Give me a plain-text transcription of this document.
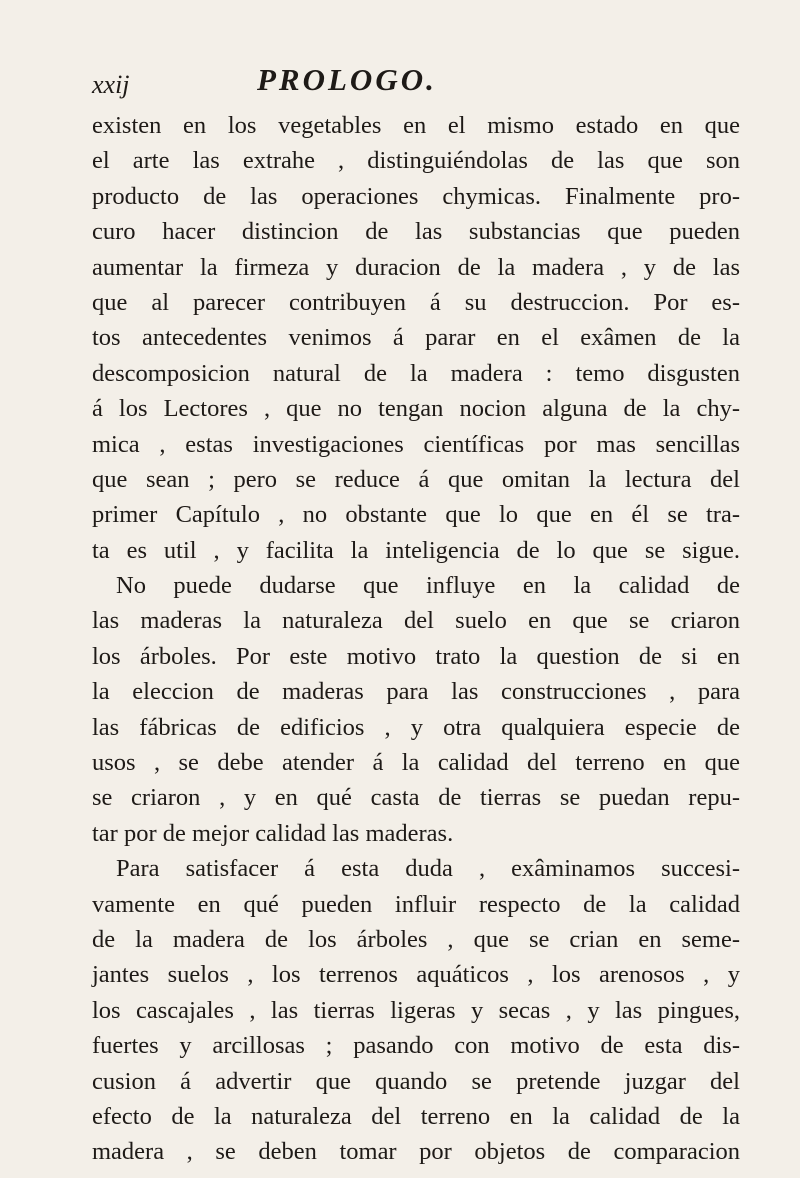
xxij	PROLOGO.
existen en los vegetables en el mismo estado en que
el arte las extrahe , distinguiéndolas de las que son
producto de las operaciones chymicas. Finalmente pro-
curo hacer distincion de las substancias que pueden
aumentar la firmeza y duracion de la madera , y de las
que al parecer contribuyen á su destruccion. Por es-
tos antecedentes venimos á parar en el exâmen de la
descomposicion natural de la madera : temo disgusten
á los Lectores , que no tengan nocion alguna de la chy-
mica , estas investigaciones científicas por mas sencillas
que sean ; pero se reduce á que omitan la lectura del
primer Capítulo , no obstante que lo que en él se tra-
ta es util , y facilita la inteligencia de lo que se sigue.
No puede dudarse que influye en la calidad de
las maderas la naturaleza del suelo en que se criaron
los árboles. Por este motivo trato la question de si en
la eleccion de maderas para las construcciones , para
las fábricas de edificios , y otra qualquiera especie de
usos , se debe atender á la calidad del terreno en que
se criaron , y en qué casta de tierras se puedan repu-
tar por de mejor calidad las maderas.
Para satisfacer á esta duda , exâminamos succesi-
vamente en qué pueden influir respecto de la calidad
de la madera de los árboles , que se crian en seme-
jantes suelos , los terrenos aquáticos , los arenosos , y
los cascajales , las tierras ligeras y secas , y las pingues,
fuertes y arcillosas ; pasando con motivo de esta dis-
cusion á advertir que quando se pretende juzgar del
efecto de la naturaleza del terreno en la calidad de la
madera , se deben tomar por objetos de comparacion
